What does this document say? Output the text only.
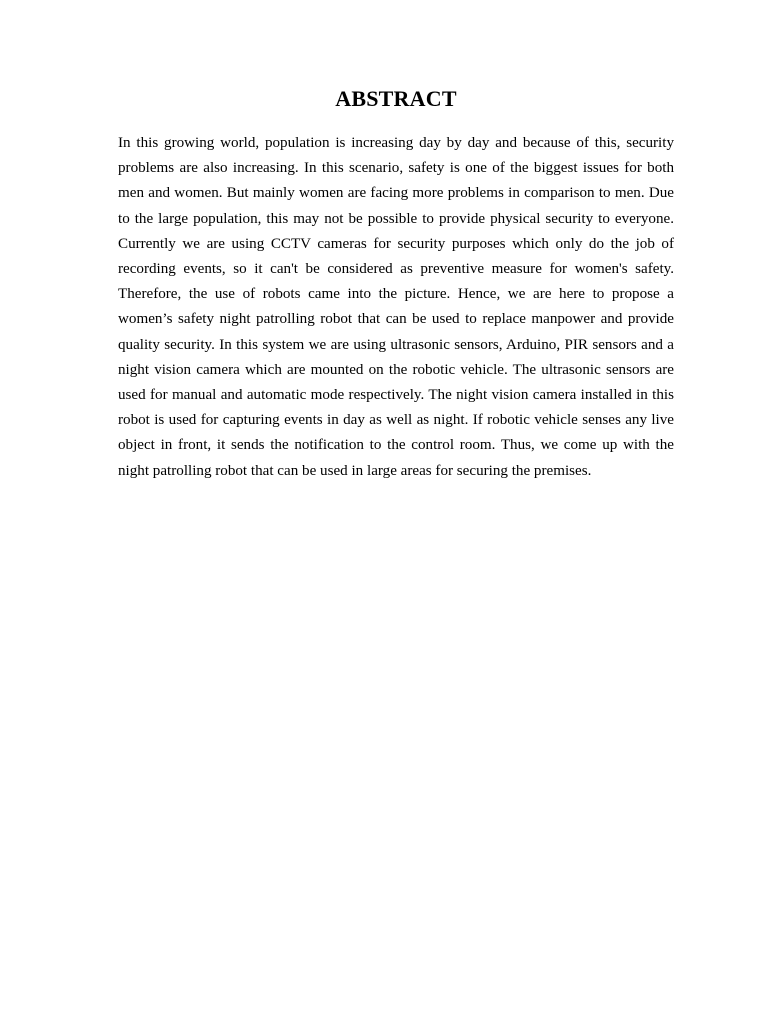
ABSTRACT

In this growing world, population is increasing day by day and because of this, security problems are also increasing. In this scenario, safety is one of the biggest issues for both men and women. But mainly women are facing more problems in comparison to men. Due to the large population, this may not be possible to provide physical security to everyone. Currently we are using CCTV cameras for security purposes which only do the job of recording events, so it can't be considered as preventive measure for women's safety. Therefore, the use of robots came into the picture. Hence, we are here to propose a women’s safety night patrolling robot that can be used to replace manpower and provide quality security. In this system we are using ultrasonic sensors, Arduino, PIR sensors and a night vision camera which are mounted on the robotic vehicle. The ultrasonic sensors are used for manual and automatic mode respectively. The night vision camera installed in this robot is used for capturing events in day as well as night. If robotic vehicle senses any live object in front, it sends the notification to the control room. Thus, we come up with the night patrolling robot that can be used in large areas for securing the premises.
